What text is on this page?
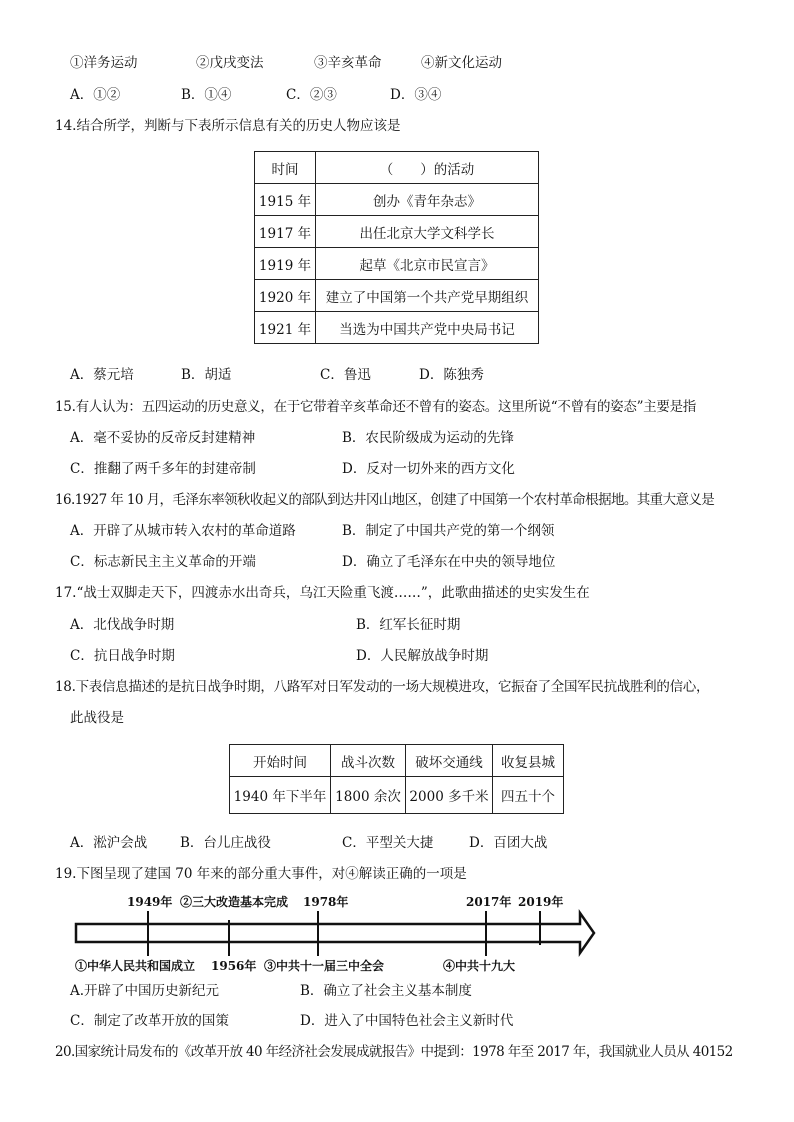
①洋务运动	②戊戌变法	③辛亥革命	④新文化运动
A．①②	B．①④	C．②③	D．③④
14.结合所学，判断与下表所示信息有关的历史人物应该是
时间	（　　）的活动
1915 年	创办《青年杂志》
1917 年	出任北京大学文科学长
1919 年	起草《北京市民宣言》
1920 年	建立了中国第一个共产党早期组织
1921 年	当选为中国共产党中央局书记
A．蔡元培	B．胡适	C．鲁迅	D．陈独秀
15.有人认为：五四运动的历史意义，在于它带着辛亥革命还不曾有的姿态。这里所说“不曾有的姿态”主要是指
A．毫不妥协的反帝反封建精神	B．农民阶级成为运动的先锋
C．推翻了两千多年的封建帝制	D．反对一切外来的西方文化
16.1927 年 10 月，毛泽东率领秋收起义的部队到达井冈山地区，创建了中国第一个农村革命根据地。其重大意义是
A．开辟了从城市转入农村的革命道路	B．制定了中国共产党的第一个纲领
C．标志新民主主义革命的开端	D．确立了毛泽东在中央的领导地位
17.“战士双脚走天下，四渡赤水出奇兵，乌江天险重飞渡……”，此歌曲描述的史实发生在
A．北伐战争时期	B．红军长征时期
C．抗日战争时期	D．人民解放战争时期
18.下表信息描述的是抗日战争时期，八路军对日军发动的一场大规模进攻，它振奋了全国军民抗战胜利的信心，
此战役是
开始时间	战斗次数	破坏交通线	收复县城
1940 年下半年	1800 余次	2000 多千米	四五十个
A．淞沪会战 B．台儿庄战役	C．平型关大捷	D．百团大战
19.下图呈现了建国 70 年来的部分重大事件，对④解读正确的一项是
1949年 ②三大改造基本完成 1978年	2017年 2019年
①中华人民共和国成立 1956年 ③中共十一届三中全会	④中共十九大
A.开辟了中国历史新纪元	B．确立了社会主义基本制度
C．制定了改革开放的国策	D．进入了中国特色社会主义新时代
20.国家统计局发布的《改革开放 40 年经济社会发展成就报告》中提到：1978 年至 2017 年，我国就业人员从 40152
